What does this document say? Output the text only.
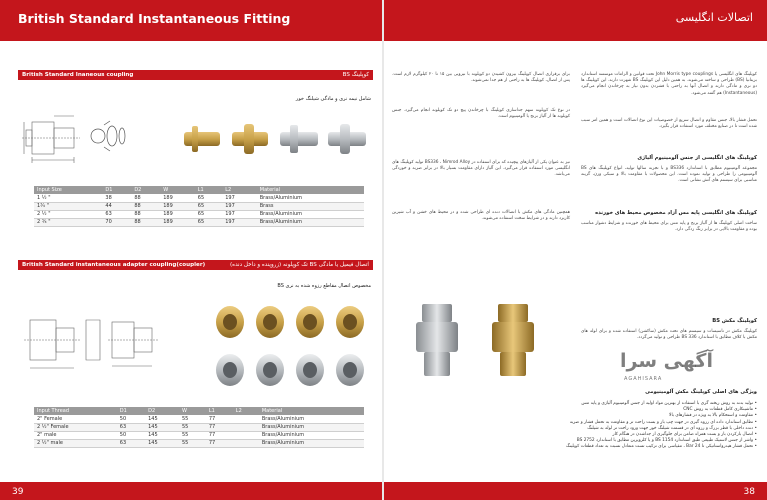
British Standard Instantaneous Fitting
British Standard Inaneous coupling	کوپلینگ BS
شامل نیمه نری و مادگی شیلنگ خور
Input Size	D1	D2	W	L1	L2	Material
1 ½ "	38	88	189	65	197	Brass/Aluminium
1¾ "	44	88	189	65	197	Brass
2 ½ "	63	88	189	65	197	Brass/Aluminium
2 ¾ "	70	88	189	65	197	Brass/Aluminium
British Standard instantaneous adapter coupling(coupler)	اتصال فیمیل یا مادگی BS تک کوپلونه (زروپنده و داخل دنده)
مخصوص اتصال مقاطع رزوه شده به نری BS
Input Thread	D1	D2	W	L1	L2	Material
2" Female	50	145	55	77		Brass/Aluminium
2 ½" Female	63	145	55	77		Brass/Aluminium
2" male	50	145	55	77		Brass/Aluminium
2 ½" male	63	145	55	77		Brass/Aluminium
39
اتصالات انگلیسی
کوپلینگ های انگلیسی یا John Morris type couplings تحت قوانین و الزامات موسسه استاندارد بریتانیا (BS) طراحی و ساخته می‌شوند. به همین دلیل این کوپلینگ BS شهرت دارند. این کوپلینگ ها دو نری و مادگی دارند و اتصال آنها به راحتی با فشردن بدون نیاز به چرخاندن انجام می‌گیرد (Instantaneous) هم گفته می‌شود.
تحمل فشار بالا، جنس مقاوم و اتصال سریع از خصوصیات این نوع اتصالات است و همین امر سبب شده است تا در صنایع مختلف مورد استفاده قرار بگیرد.
کوپلینگ های انگلیسی از جنس آلومینیوم آلیاژی
مجموعه آلومینیوم مطابق با استاندارد BS336 و با تجربه سالها تولید، انواع کوپلینگ های BS آلومینیومی را طراحی و تولید نموده است. این محصولات با مقاومت بالا و سبکی وزن، گزینه مناسبی برای سیستم های آتش نشانی است.
کوپلینگ های انگلیسی پایه مس آزاد مخصوص محیط های خورنده
ساخت اصلی کوپلینگ ها از آلیاژ برنج و پایه مس برای محیط های خورنده و شرایط دشوار مناسب بوده و مقاومت بالایی در برابر زنگ زدگی دارد.
کوپلینگ مکش BS
کوپلینگ مکش در تاسیسات و سیستم های تحت مکش (ساکشن) استفاده شده و برای لوله های مکش با کلاف مطابق با استاندارد BS 336 طراحی و تولید می‌گردد.
برای برقراری اتصال کوپلینگ بیرون کشیدن دو کوپلونه با نیرویی بین ۱۵ تا ۲۰ کیلوگرم لازم است. پس از اتصال، کوپلینگ ها به راحتی از هم جدا نمی‌شوند.
در نوع تک کوپلونه سهم جداسازی کوپلینگ با چرخاندن پیچ دو تک کوپلونه انجام می‌گیرد. جنس کوپلونه ها از آلیاژ برنج یا آلومینیوم است.
نیز به عنوان یکی از آلیاژهای پیچیده که برای استفاده در BS336 ، Nimrod Alloy تولید کوپلینگ های انگلیسی مورد استفاده قرار می‌گیرد. این آلیاژ دارای مقاومت بسیار بالا در برابر ضربه و خوردگی می‌باشد.
همچنین مادگی های مکش با اتصالات دنده ای طراحی شده و در محیط های خشن و آب شیرین کاربرد دارند و در شرایط سخت استفاده می‌شوند.
آگهی سرا
AGAHISARA
ویژگی های اصلی کوپلینگ مکش آلومینیومی
• تولید بدنه به روش ریخته گری با استفاده از بهترین مواد اولیه از جنس آلومینیوم آلیاژی و پایه مس
• ماشینکاری کامل قطعات به روش CNC
• مقاومت و استحکام بالا به ویژه در فشارهای بالا
• تطابق استاندارد داده ای رزوه گیری در جهت چپ باز و بست راحت تر و مقاومت به تحمل فشار و ضربه
• دنده داخلی با قطر بزرگ و رزوه ای در قسمت شیلنگ خور جهت ورود راحت تر لوله به شیلنگ
• اتصال بازکردن باز و بست همراه ضامن برای جلوگیری از جداشدن در هنگام کار
• واشر از جنس لاستیک طبیعی طبق استاندارد BS 1154 و یا کلروپرین مطابق با استاندارد BS 2752
• تحمل فشار هیدرواستاتیکی تا 24 Bar ، مقیاسی برای ترکیب تست متعادل نسبت به تعداد قطعات کوپلینگ
38
